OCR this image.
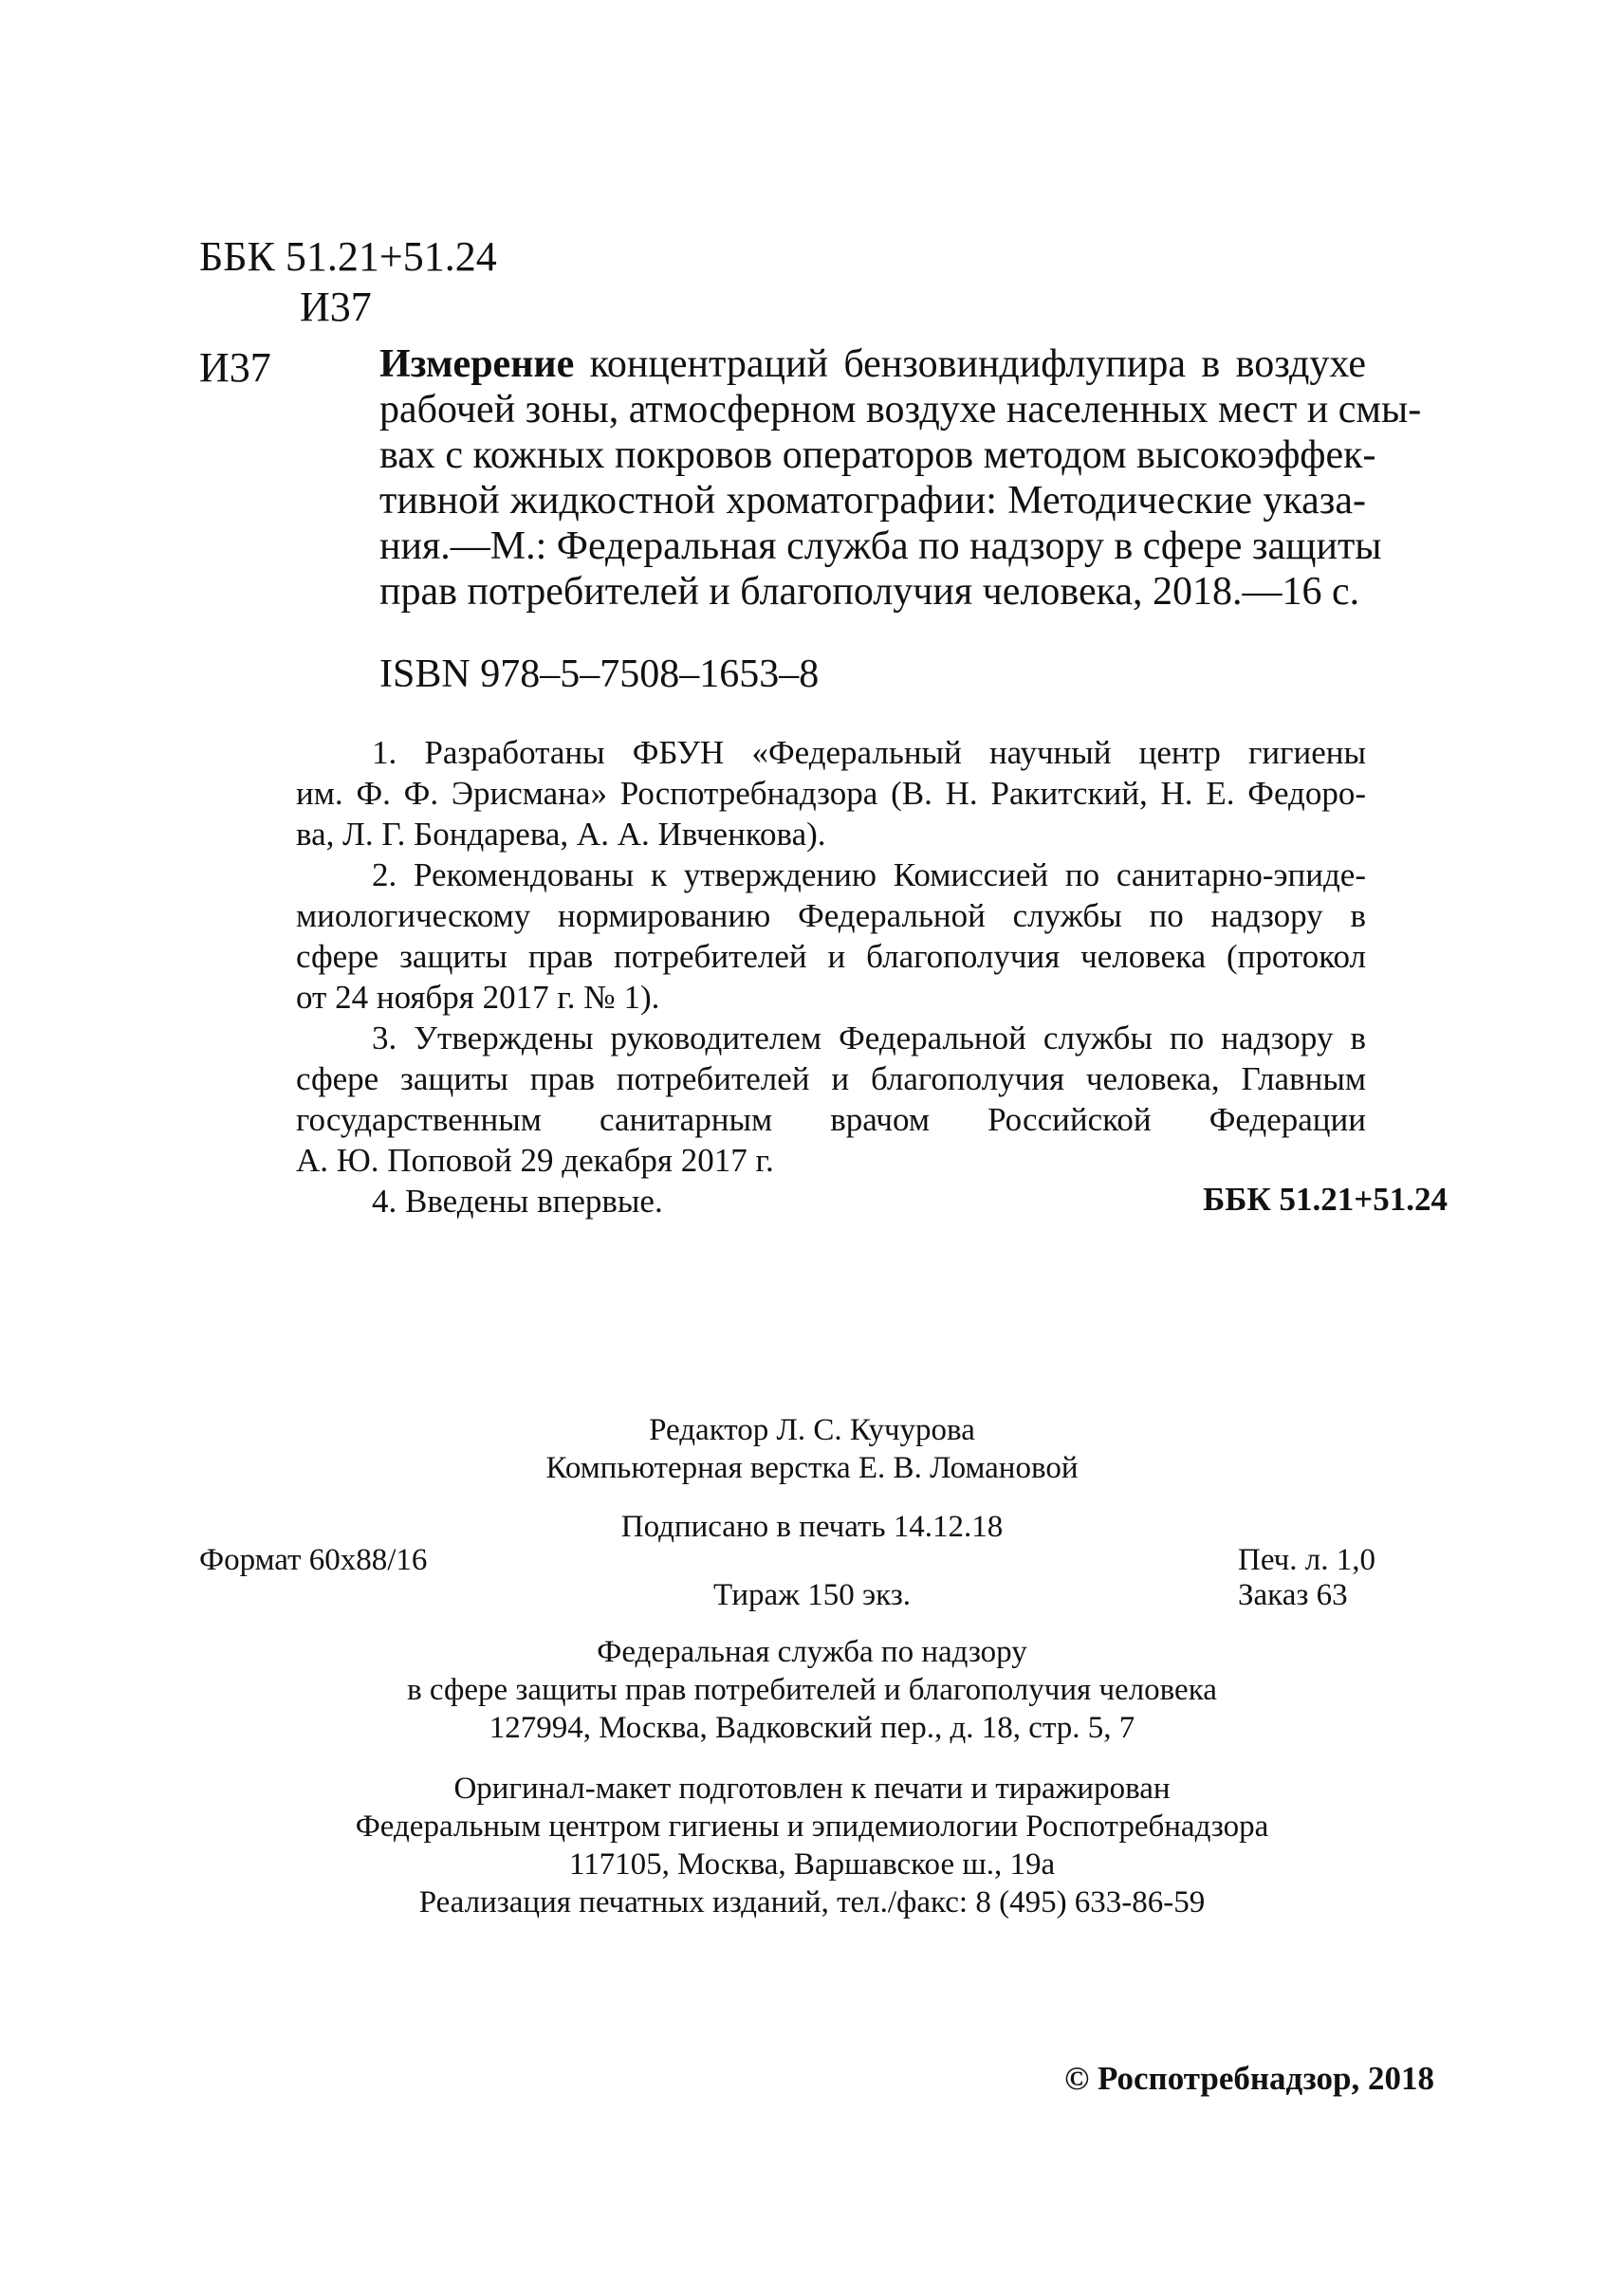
ББК 51.21+51.24
И37
И37	Измерение концентраций бензовиндифлупира в воздухе
рабочей зоны, атмосферном воздухе населенных мест и смы-
вах с кожных покровов операторов методом высокоэффек-
тивной жидкостной хроматографии: Методические указа-
ния.—М.: Федеральная служба по надзору в сфере защиты
прав потребителей и благополучия человека, 2018.—16 с.
ISBN 978–5–7508–1653–8
1. Разработаны ФБУН «Федеральный научный центр гигиены
им. Ф. Ф. Эрисмана» Роспотребнадзора (В. Н. Ракитский, Н. Е. Федоро-
ва, Л. Г. Бондарева, А. А. Ивченкова).
2. Рекомендованы к утверждению Комиссией по санитарно-эпиде-
миологическому нормированию Федеральной службы по надзору в
сфере защиты прав потребителей и благополучия человека (протокол
от 24 ноября 2017 г. № 1).
3. Утверждены руководителем Федеральной службы по надзору в
сфере защиты прав потребителей и благополучия человека, Главным
государственным санитарным врачом Российской Федерации
А. Ю. Поповой 29 декабря 2017 г.
4. Введены впервые.	ББК 51.21+51.24
Редактор Л. С. Кучурова
Компьютерная верстка Е. В. Ломановой
Подписано в печать 14.12.18
Формат 60x88/16	Печ. л. 1,0
Тираж 150 экз.	Заказ 63
Федеральная служба по надзору
в сфере защиты прав потребителей и благополучия человека
127994, Москва, Вадковский пер., д. 18, стр. 5, 7
Оригинал-макет подготовлен к печати и тиражирован
Федеральным центром гигиены и эпидемиологии Роспотребнадзора
117105, Москва, Варшавское ш., 19а
Реализация печатных изданий, тел./факс: 8 (495) 633-86-59
© Роспотребнадзор, 2018
